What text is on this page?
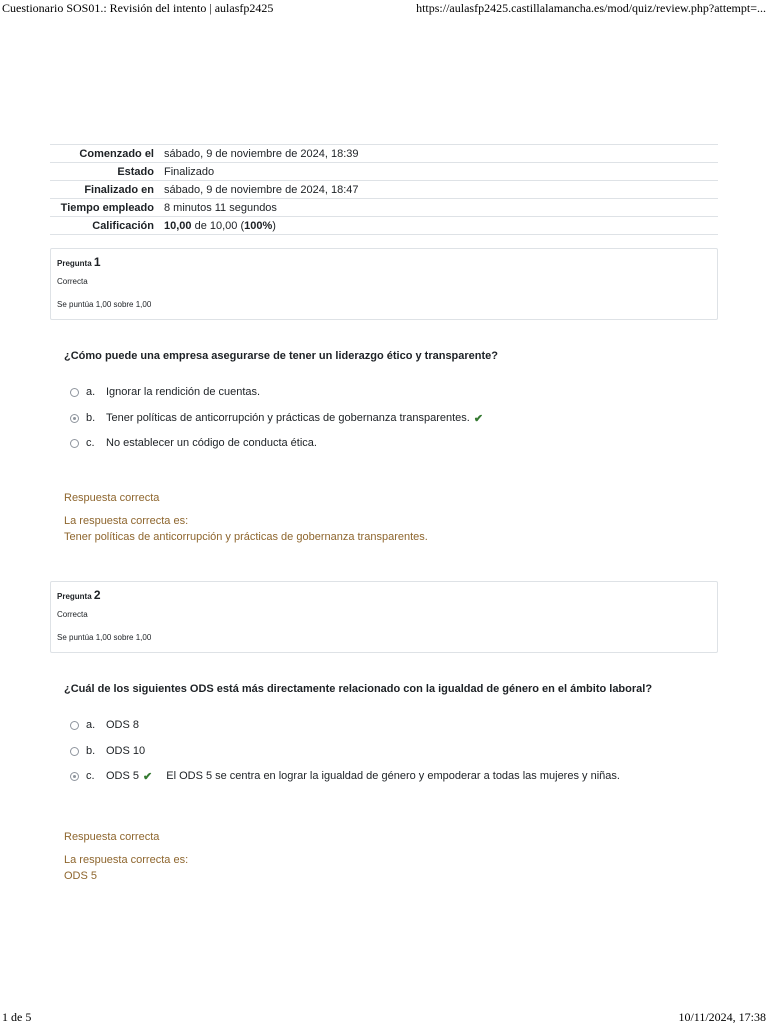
Cuestionario SOS01.: Revisión del intento | aulasfp2425	https://aulasfp2425.castillalamancha.es/mod/quiz/review.php?attempt=...
Comenzado el	sábado, 9 de noviembre de 2024, 18:39
Estado	Finalizado
Finalizado en	sábado, 9 de noviembre de 2024, 18:47
Tiempo empleado	8 minutos 11 segundos
Calificación	10,00 de 10,00 (100%)
Pregunta 1
Correcta
Se puntúa 1,00 sobre 1,00
¿Cómo puede una empresa asegurarse de tener un liderazgo ético y transparente?
a. Ignorar la rendición de cuentas.
b. Tener políticas de anticorrupción y prácticas de gobernanza transparentes. ✔
c.	No establecer un código de conducta ética.
Respuesta correcta
La respuesta correcta es:
Tener políticas de anticorrupción y prácticas de gobernanza transparentes.
Pregunta 2
Correcta
Se puntúa 1,00 sobre 1,00
¿Cuál de los siguientes ODS está más directamente relacionado con la igualdad de género en el ámbito laboral?
a. ODS 8
b. ODS 10
c.	ODS 5 ✔ El ODS 5 se centra en lograr la igualdad de género y empoderar a todas las mujeres y niñas.
Respuesta correcta
La respuesta correcta es:
ODS 5
1 de 5	10/11/2024, 17:38
